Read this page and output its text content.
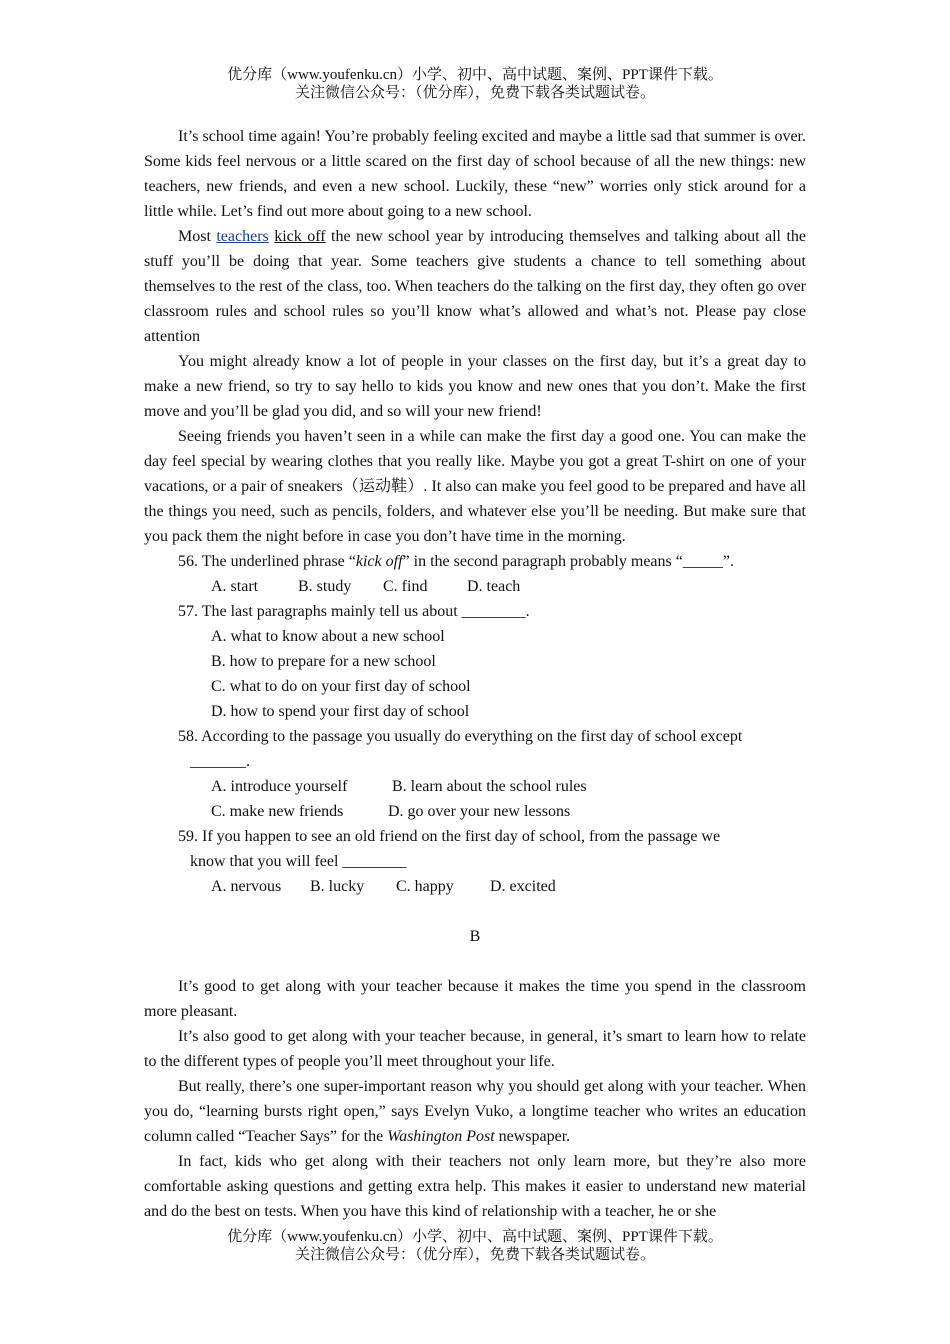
优分库（www.youfenku.cn）小学、初中、高中试题、案例、PPT课件下载。
关注微信公众号：（优分库），免费下载各类试题试卷。
It’s school time again! You’re probably feeling excited and maybe a little sad that summer is over. Some kids feel nervous or a little scared on the first day of school because of all the new things: new teachers, new friends, and even a new school. Luckily, these “new” worries only stick around for a little while. Let’s find out more about going to a new school.
Most teachers kick off the new school year by introducing themselves and talking about all the stuff you’ll be doing that year. Some teachers give students a chance to tell something about themselves to the rest of the class, too. When teachers do the talking on the first day, they often go over classroom rules and school rules so you’ll know what’s allowed and what’s not. Please pay close attention
You might already know a lot of people in your classes on the first day, but it’s a great day to make a new friend, so try to say hello to kids you know and new ones that you don’t. Make the first move and you’ll be glad you did, and so will your new friend!
Seeing friends you haven’t seen in a while can make the first day a good one. You can make the day feel special by wearing clothes that you really like. Maybe you got a great T-shirt on one of your vacations, or a pair of sneakers（运动鞋）. It also can make you feel good to be prepared and have all the things you need, such as pencils, folders, and whatever else you’ll be needing. But make sure that you pack them the night before in case you don’t have time in the morning.
56. The underlined phrase “kick off” in the second paragraph probably means “_____”.
A. start B. study C. find D. teach
57. The last paragraphs mainly tell us about ________.
A. what to know about a new school
B. how to prepare for a new school
C. what to do on your first day of school
D. how to spend your first day of school
58. According to the passage you usually do everything on the first day of school except
_______.
A. introduce yourself	B. learn about the school rules
C. make new friends	D. go over your new lessons
59. If you happen to see an old friend on the first day of school, from the passage we
know that you will feel ________
A. nervous B. lucky C. happy D. excited
B
It’s good to get along with your teacher because it makes the time you spend in the classroom more pleasant.
It’s also good to get along with your teacher because, in general, it’s smart to learn how to relate to the different types of people you’ll meet throughout your life.
But really, there’s one super-important reason why you should get along with your teacher. When you do, “learning bursts right open,” says Evelyn Vuko, a longtime teacher who writes an education column called “Teacher Says” for the Washington Post newspaper.
In fact, kids who get along with their teachers not only learn more, but they’re also more comfortable asking questions and getting extra help. This makes it easier to understand new material and do the best on tests. When you have this kind of relationship with a teacher, he or she
优分库（www.youfenku.cn）小学、初中、高中试题、案例、PPT课件下载。
关注微信公众号：（优分库），免费下载各类试题试卷。
